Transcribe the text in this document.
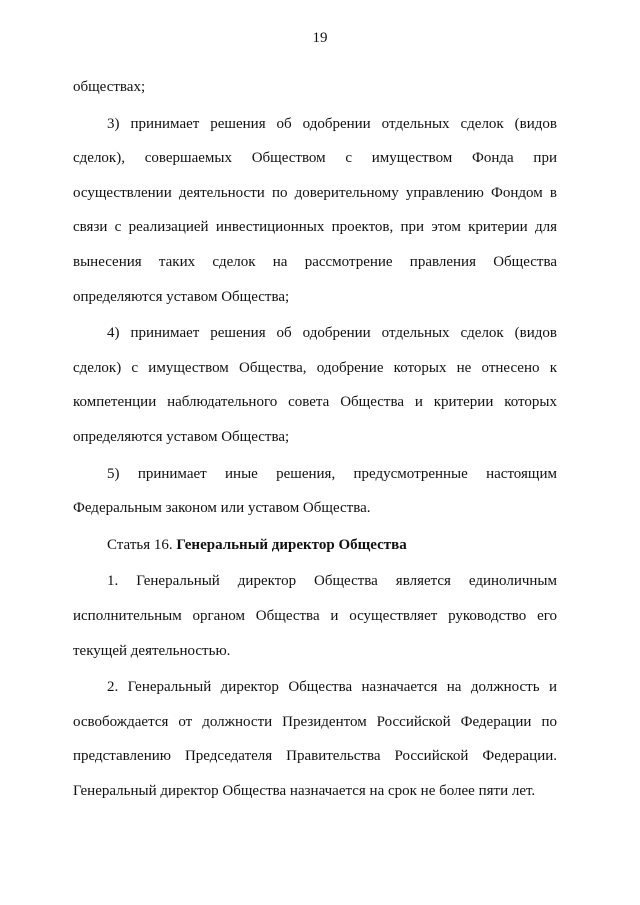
19

обществах;

3) принимает решения об одобрении отдельных сделок (видов сделок), совершаемых Обществом с имуществом Фонда при осуществлении деятельности по доверительному управлению Фондом в связи с реализацией инвестиционных проектов, при этом критерии для вынесения таких сделок на рассмотрение правления Общества определяются уставом Общества;

4) принимает решения об одобрении отдельных сделок (видов сделок) с имуществом Общества, одобрение которых не отнесено к компетенции наблюдательного совета Общества и критерии которых определяются уставом Общества;

5) принимает иные решения, предусмотренные настоящим Федеральным законом или уставом Общества.

Статья 16. Генеральный директор Общества

1. Генеральный директор Общества является единоличным исполнительным органом Общества и осуществляет руководство его текущей деятельностью.

2. Генеральный директор Общества назначается на должность и освобождается от должности Президентом Российской Федерации по представлению Председателя Правительства Российской Федерации. Генеральный директор Общества назначается на срок не более пяти лет.
